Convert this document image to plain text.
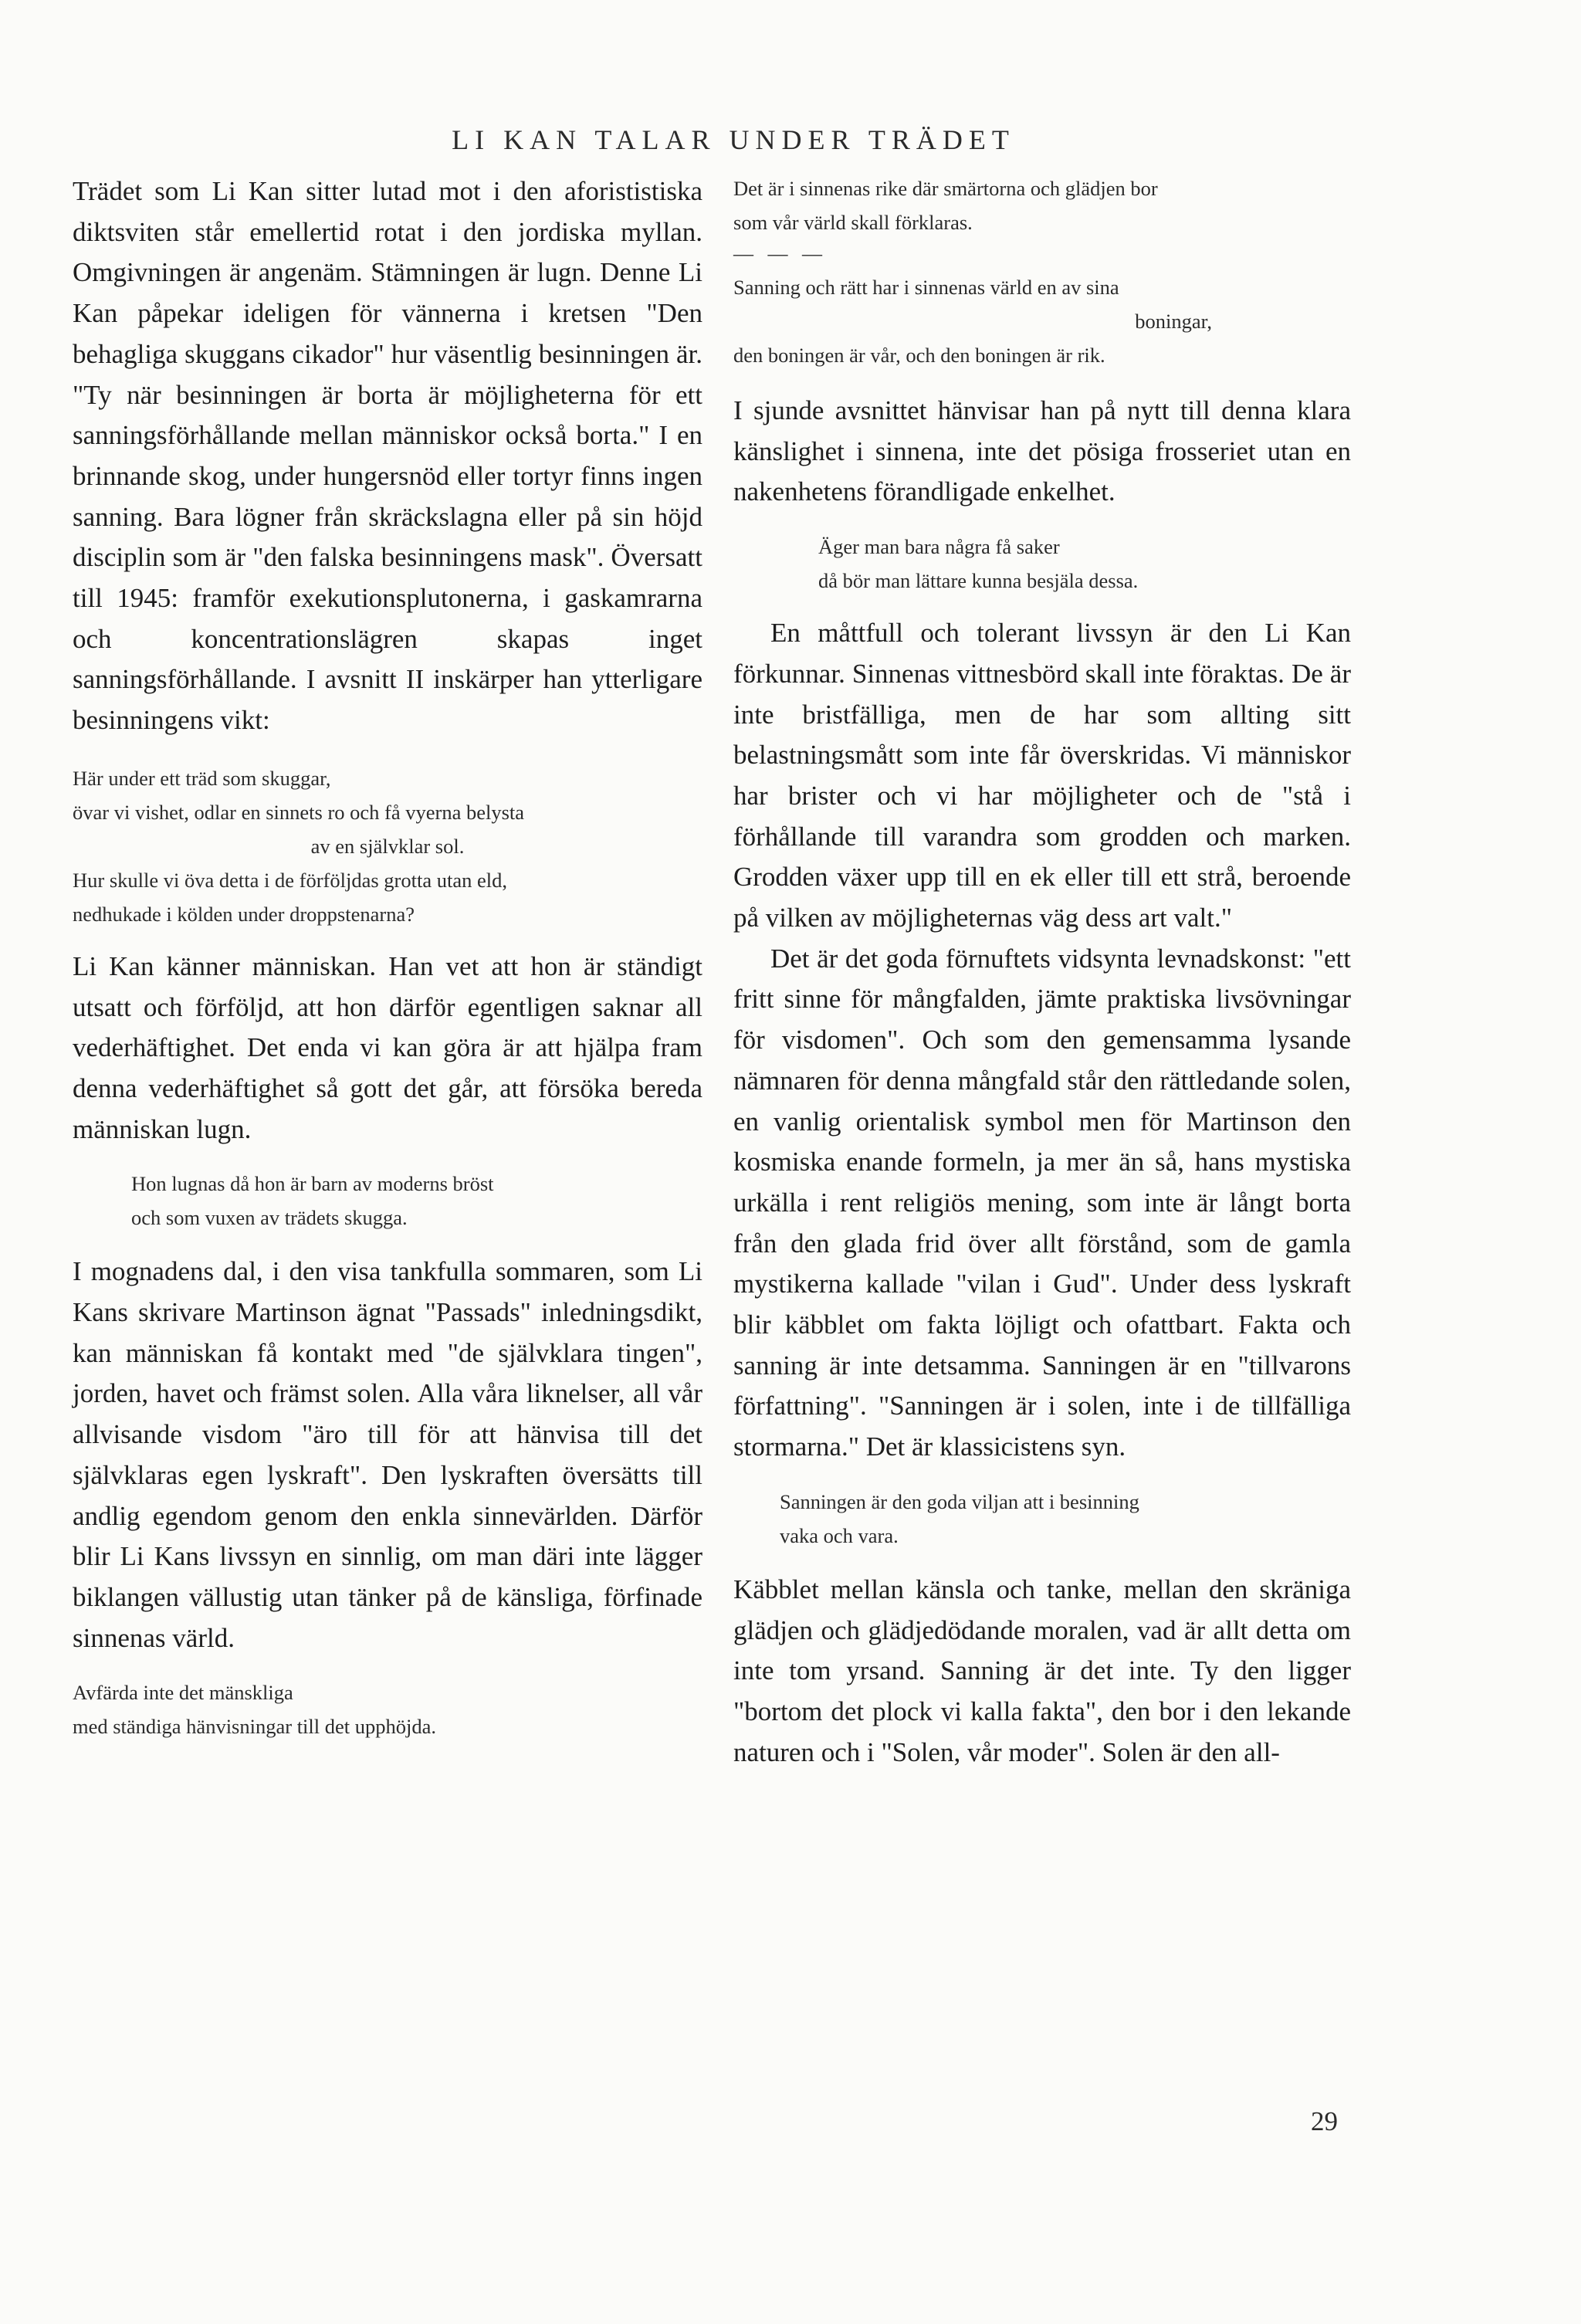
LI KAN TALAR UNDER TRÄDET

Trädet som Li Kan sitter lutad mot i den aforististiska diktsviten står emellertid rotat i den jordiska myllan. Omgivningen är angenäm. Stämningen är lugn. Denne Li Kan påpekar ideligen för vännerna i kretsen "Den behagliga skuggans cikador" hur väsentlig besinningen är. "Ty när besinningen är borta är möjligheterna för ett sanningsförhållande mellan människor också borta." I en brinnande skog, under hungersnöd eller tortyr finns ingen sanning. Bara lögner från skräckslagna eller på sin höjd disciplin som är "den falska besinningens mask". Översatt till 1945: framför exekutionsplutonerna, i gaskamrarna och koncentrationslägren skapas inget sanningsförhållande. I avsnitt II inskärper han ytterligare besinningens vikt:

Här under ett träd som skuggar,
övar vi vishet, odlar en sinnets ro och få vyerna belysta
av en självklar sol.
Hur skulle vi öva detta i de förföljdas grotta utan eld,
nedhukade i kölden under droppstenarna?

Li Kan känner människan. Han vet att hon är ständigt utsatt och förföljd, att hon därför egentligen saknar all vederhäftighet. Det enda vi kan göra är att hjälpa fram denna vederhäftighet så gott det går, att försöka bereda människan lugn.

Hon lugnas då hon är barn av moderns bröst
och som vuxen av trädets skugga.

I mognadens dal, i den visa tankfulla sommaren, som Li Kans skrivare Martinson ägnat "Passads" inledningsdikt, kan människan få kontakt med "de självklara tingen", jorden, havet och främst solen. Alla våra liknelser, all vår allvisande visdom "äro till för att hänvisa till det självklaras egen lyskraft". Den lyskraften översätts till andlig egendom genom den enkla sinnevärlden. Därför blir Li Kans livssyn en sinnlig, om man däri inte lägger biklangen vällustig utan tänker på de känsliga, förfinade sinnenas värld.

Avfärda inte det mänskliga
med ständiga hänvisningar till det upphöjda.
Det är i sinnenas rike där smärtorna och glädjen bor
som vår värld skall förklaras.
— — —
Sanning och rätt har i sinnenas värld en av sina
boningar,
den boningen är vår, och den boningen är rik.

I sjunde avsnittet hänvisar han på nytt till denna klara känslighet i sinnena, inte det pösiga frosseriet utan en nakenhetens förandligade enkelhet.

Äger man bara några få saker
då bör man lättare kunna besjäla dessa.

En måttfull och tolerant livssyn är den Li Kan förkunnar. Sinnenas vittnesbörd skall inte föraktas. De är inte bristfälliga, men de har som allting sitt belastningsmått som inte får överskridas. Vi människor har brister och vi har möjligheter och de "stå i förhållande till varandra som grodden och marken. Grodden växer upp till en ek eller till ett strå, beroende på vilken av möjligheternas väg dess art valt."

Det är det goda förnuftets vidsynta levnadskonst: "ett fritt sinne för mångfalden, jämte praktiska livsövningar för visdomen". Och som den gemensamma lysande nämnaren för denna mångfald står den rättledande solen, en vanlig orientalisk symbol men för Martinson den kosmiska enande formeln, ja mer än så, hans mystiska urkälla i rent religiös mening, som inte är långt borta från den glada frid över allt förstånd, som de gamla mystikerna kallade "vilan i Gud". Under dess lyskraft blir käbblet om fakta löjligt och ofattbart. Fakta och sanning är inte detsamma. Sanningen är en "tillvarons författning". "Sanningen är i solen, inte i de tillfälliga stormarna." Det är klassicistens syn.

Sanningen är den goda viljan att i besinning
vaka och vara.

Käbblet mellan känsla och tanke, mellan den skräniga glädjen och glädjedödande moralen, vad är allt detta om inte tom yrsand. Sanning är det inte. Ty den ligger "bortom det plock vi kalla fakta", den bor i den lekande naturen och i "Solen, vår moder". Solen är den all-

29
